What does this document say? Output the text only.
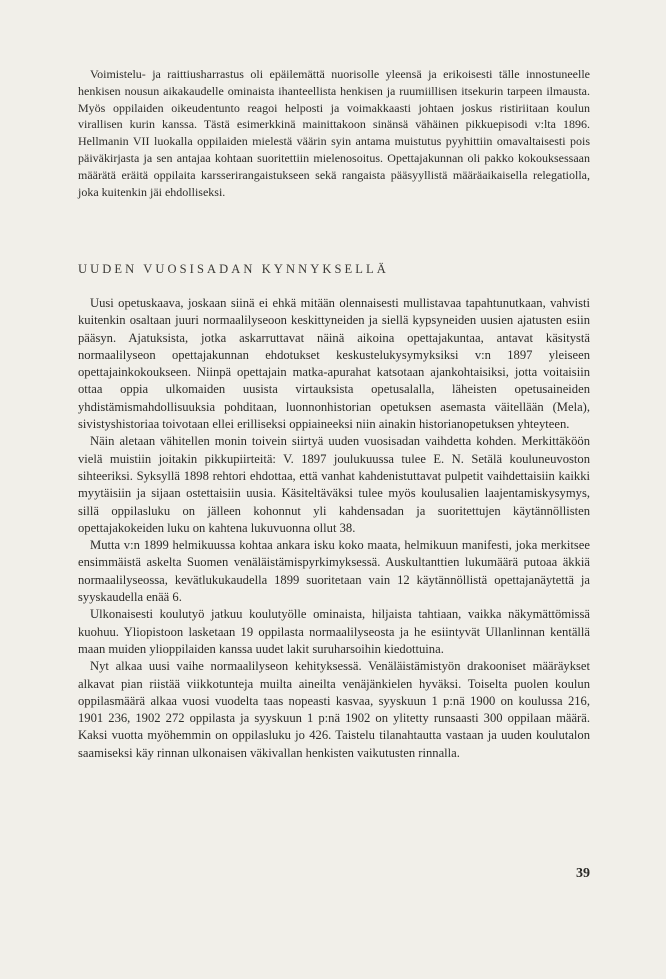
Voimistelu- ja raittiusharrastus oli epäilemättä nuorisolle yleensä ja erikoisesti tälle innostuneelle henkisen nousun aikakaudelle ominaista ihanteellista henkisen ja ruumiillisen itsekurin tarpeen ilmausta. Myös oppilaiden oikeudentunto reagoi helposti ja voimakkaasti johtaen joskus ristiriitaan koulun virallisen kurin kanssa. Tästä esimerkkinä mainittakoon sinänsä vähäinen pikkuepisodi v:lta 1896. Hellmanin VII luokalla oppilaiden mielestä väärin syin antama muistutus pyyhittiin omavaltaisesti pois päiväkirjasta ja sen antajaa kohtaan suoritettiin mielenosoitus. Opettajakunnan oli pakko kokouksessaan määrätä eräitä oppilaita karsserirangaistukseen sekä rangaista pääsyyllistä määräaikaisella relegatiolla, joka kuitenkin jäi ehdolliseksi.

UUDEN VUOSISADAN KYNNYKSELLÄ

Uusi opetuskaava, joskaan siinä ei ehkä mitään olennaisesti mullistavaa tapahtunutkaan, vahvisti kuitenkin osaltaan juuri normaalilyseoon keskittyneiden ja siellä kypsyneiden uusien ajatusten esiin pääsyn. Ajatuksista, jotka askarruttavat näinä aikoina opettajakuntaa, antavat käsitystä normaalilyseon opettajakunnan ehdotukset keskustelukysymyksiksi v:n 1897 yleiseen opettajainkokoukseen. Niinpä opettajain matka-apurahat katsotaan ajankohtaisiksi, jotta voitaisiin ottaa oppia ulkomaiden uusista virtauksista opetusalalla, läheisten opetusaineiden yhdistämismahdollisuuksia pohditaan, luonnonhistorian opetuksen asemasta väitellään (Mela), sivistyshistoriaa toivotaan ellei erilliseksi oppiaineeksi niin ainakin historianopetuksen yhteyteen.

Näin aletaan vähitellen monin toivein siirtyä uuden vuosisadan vaihdetta kohden. Merkittäköön vielä muistiin joitakin pikkupiirteitä: V. 1897 joulukuussa tulee E. N. Setälä kouluneuvoston sihteeriksi. Syksyllä 1898 rehtori ehdottaa, että vanhat kahdenistuttavat pulpetit vaihdettaisiin kaikki myytäisiin ja sijaan ostettaisiin uusia. Käsiteltäväksi tulee myös koulusalien laajentamiskysymys, sillä oppilasluku on jälleen kohonnut yli kahdensadan ja suoritettujen käytännöllisten opettajakokeiden luku on kahtena lukuvuonna ollut 38.

Mutta v:n 1899 helmikuussa kohtaa ankara isku koko maata, helmikuun manifesti, joka merkitsee ensimmäistä askelta Suomen venäläistämispyrkimyksessä. Auskultanttien lukumäärä putoaa äkkiä normaalilyseossa, kevätlukukaudella 1899 suoritetaan vain 12 käytännöllistä opettajanäytettä ja syyskaudella enää 6.

Ulkonaisesti koulutyö jatkuu koulutyölle ominaista, hiljaista tahtiaan, vaikka näkymättömissä kuohuu. Yliopistoon lasketaan 19 oppilasta normaalilyseosta ja he esiintyvät Ullanlinnan kentällä maan muiden ylioppilaiden kanssa uudet lakit suruharsoihin kiedottuina.

Nyt alkaa uusi vaihe normaalilyseon kehityksessä. Venäläistämistyön drakooniset määräykset alkavat pian riistää viikkotunteja muilta aineilta venäjänkielen hyväksi. Toiselta puolen koulun oppilasmäärä alkaa vuosi vuodelta taas nopeasti kasvaa, syyskuun 1 p:nä 1900 on koulussa 216, 1901 236, 1902 272 oppilasta ja syyskuun 1 p:nä 1902 on ylitetty runsaasti 300 oppilaan määrä. Kaksi vuotta myöhemmin on oppilasluku jo 426. Taistelu tilanahtautta vastaan ja uuden koulutalon saamiseksi käy rinnan ulkonaisen väkivallan henkisten vaikutusten rinnalla.

39
